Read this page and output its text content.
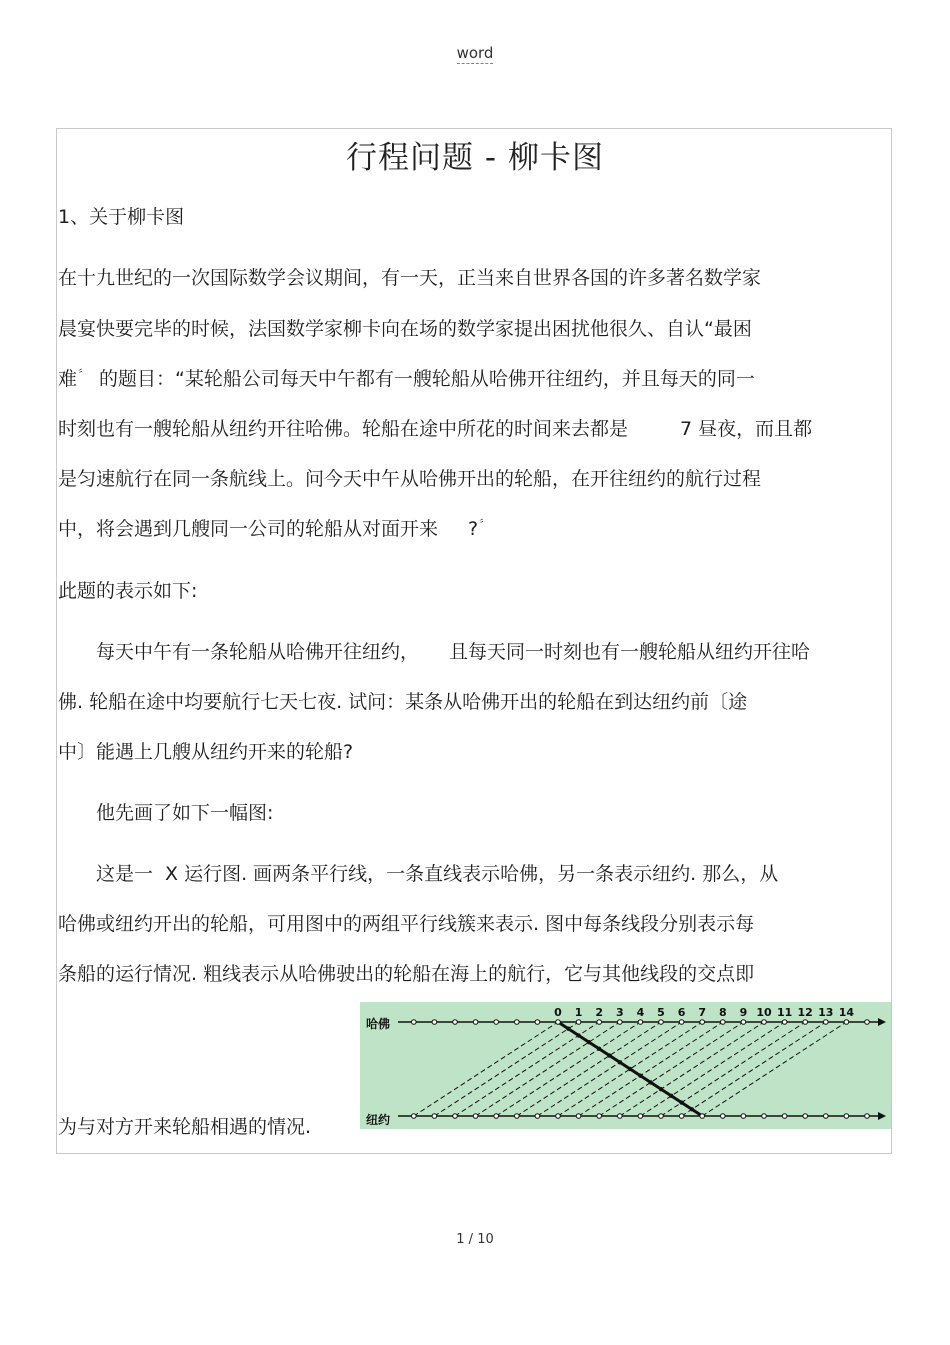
word
行程问题 - 柳卡图
1、关于柳卡图
在十九世纪的一次国际数学会议期间，有一天，正当来自世界各国的许多著名数学家
晨宴快要完毕的时候，法国数学家柳卡向在场的数学家提出困扰他很久、自认“最困
难〞 的题目：“某轮船公司每天中午都有一艘轮船从哈佛开往纽约，并且每天的同一
时刻也有一艘轮船从纽约开往哈佛。轮船在途中所花的时间来去都是	7 昼夜，而且都
是匀速航行在同一条航线上。问今天中午从哈佛开出的轮船，在开往纽约的航行过程
中，将会遇到几艘同一公司的轮船从对面开来 ?〞
此题的表示如下:
每天中午有一条轮船从哈佛开往纽约， 且每天同一时刻也有一艘轮船从纽约开往哈
佛. 轮船在途中均要航行七天七夜. 试问：某条从哈佛开出的轮船在到达纽约前〔途
中〕能遇上几艘从纽约开来的轮船?
他先画了如下一幅图:
这是一 X 运行图. 画两条平行线，一条直线表示哈佛，另一条表示纽约. 那么，从
哈佛或纽约开出的轮船，可用图中的两组平行线簇来表示. 图中每条线段分别表示每
条船的运行情况. 粗线表示从哈佛驶出的轮船在海上的航行，它与其他线段的交点即
为与对方开来轮船相遇的情况.
哈佛
纽约
0 1 2 3 4 5 6 7 8 9 10 11 12 13 14
1 / 10
